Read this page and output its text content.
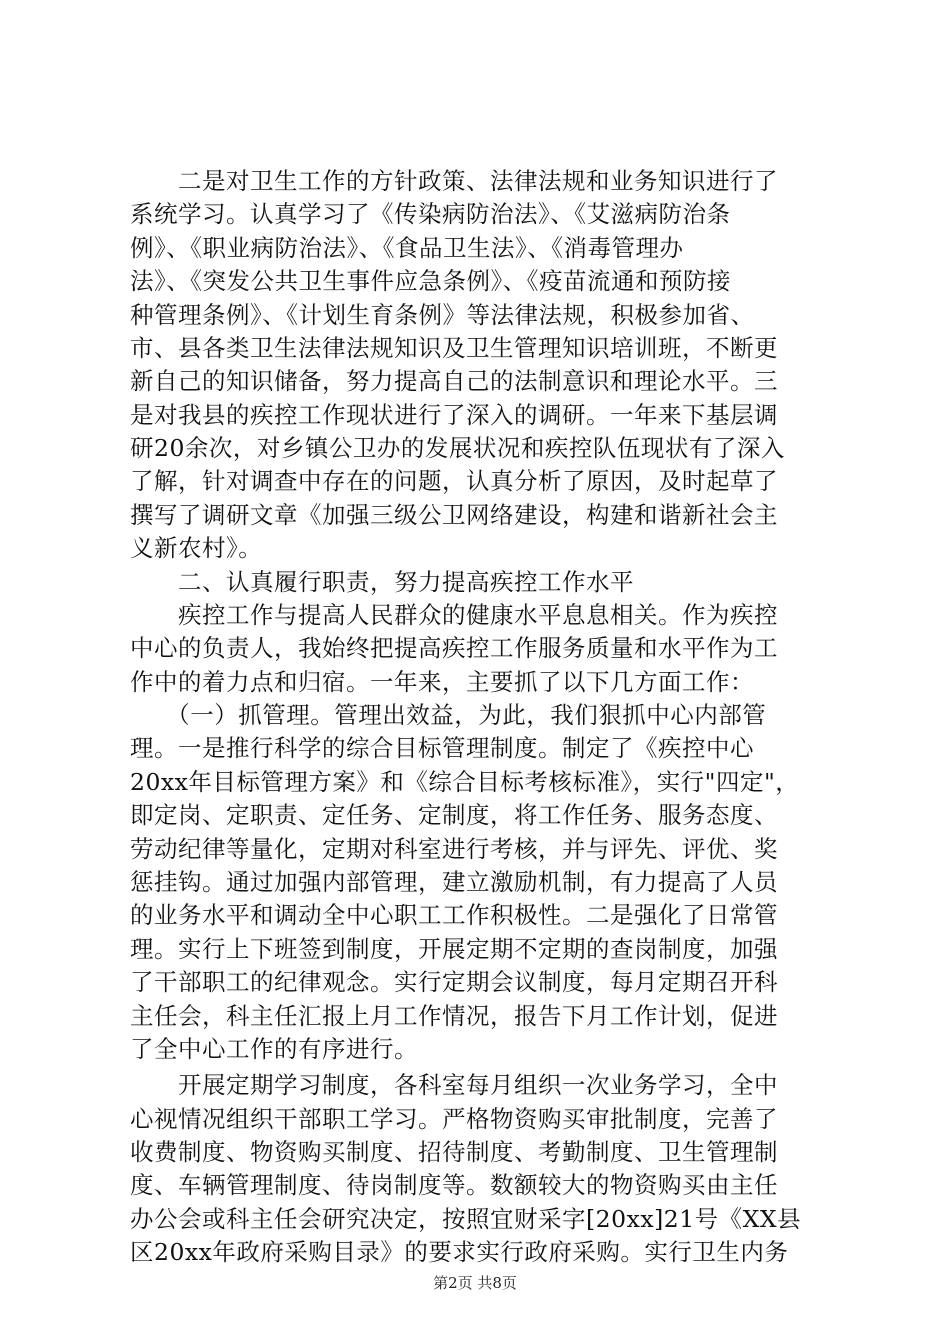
　　二是对卫生工作的方针政策、法律法规和业务知识进行了
系统学习。认真学习了《传染病防治法》、《艾滋病防治条
例》、《职业病防治法》、《食品卫生法》、《消毒管理办
法》、《突发公共卫生事件应急条例》、《疫苗流通和预防接
种管理条例》、《计划生育条例》等法律法规，积极参加省、
市、县各类卫生法律法规知识及卫生管理知识培训班，不断更
新自己的知识储备，努力提高自己的法制意识和理论水平。三
是对我县的疾控工作现状进行了深入的调研。一年来下基层调
研20余次，对乡镇公卫办的发展状况和疾控队伍现状有了深入
了解，针对调查中存在的问题，认真分析了原因，及时起草了
撰写了调研文章《加强三级公卫网络建设，构建和谐新社会主
义新农村》。
　　二、认真履行职责，努力提高疾控工作水平
　　疾控工作与提高人民群众的健康水平息息相关。作为疾控
中心的负责人，我始终把提高疾控工作服务质量和水平作为工
作中的着力点和归宿。一年来，主要抓了以下几方面工作：
　　（一）抓管理。管理出效益，为此，我们狠抓中心内部管
理。一是推行科学的综合目标管理制度。制定了《疾控中心
20xx年目标管理方案》和《综合目标考核标准》，实行"四定"，
即定岗、定职责、定任务、定制度，将工作任务、服务态度、
劳动纪律等量化，定期对科室进行考核，并与评先、评优、奖
惩挂钩。通过加强内部管理，建立激励机制，有力提高了人员
的业务水平和调动全中心职工工作积极性。二是强化了日常管
理。实行上下班签到制度，开展定期不定期的查岗制度，加强
了干部职工的纪律观念。实行定期会议制度，每月定期召开科
主任会，科主任汇报上月工作情况，报告下月工作计划，促进
了全中心工作的有序进行。
　　开展定期学习制度，各科室每月组织一次业务学习，全中
心视情况组织干部职工学习。严格物资购买审批制度，完善了
收费制度、物资购买制度、招待制度、考勤制度、卫生管理制
度、车辆管理制度、待岗制度等。数额较大的物资购买由主任
办公会或科主任会研究决定，按照宜财采字[20xx]21号《XX县
区20xx年政府采购目录》的要求实行政府采购。实行卫生内务
第2页 共8页
